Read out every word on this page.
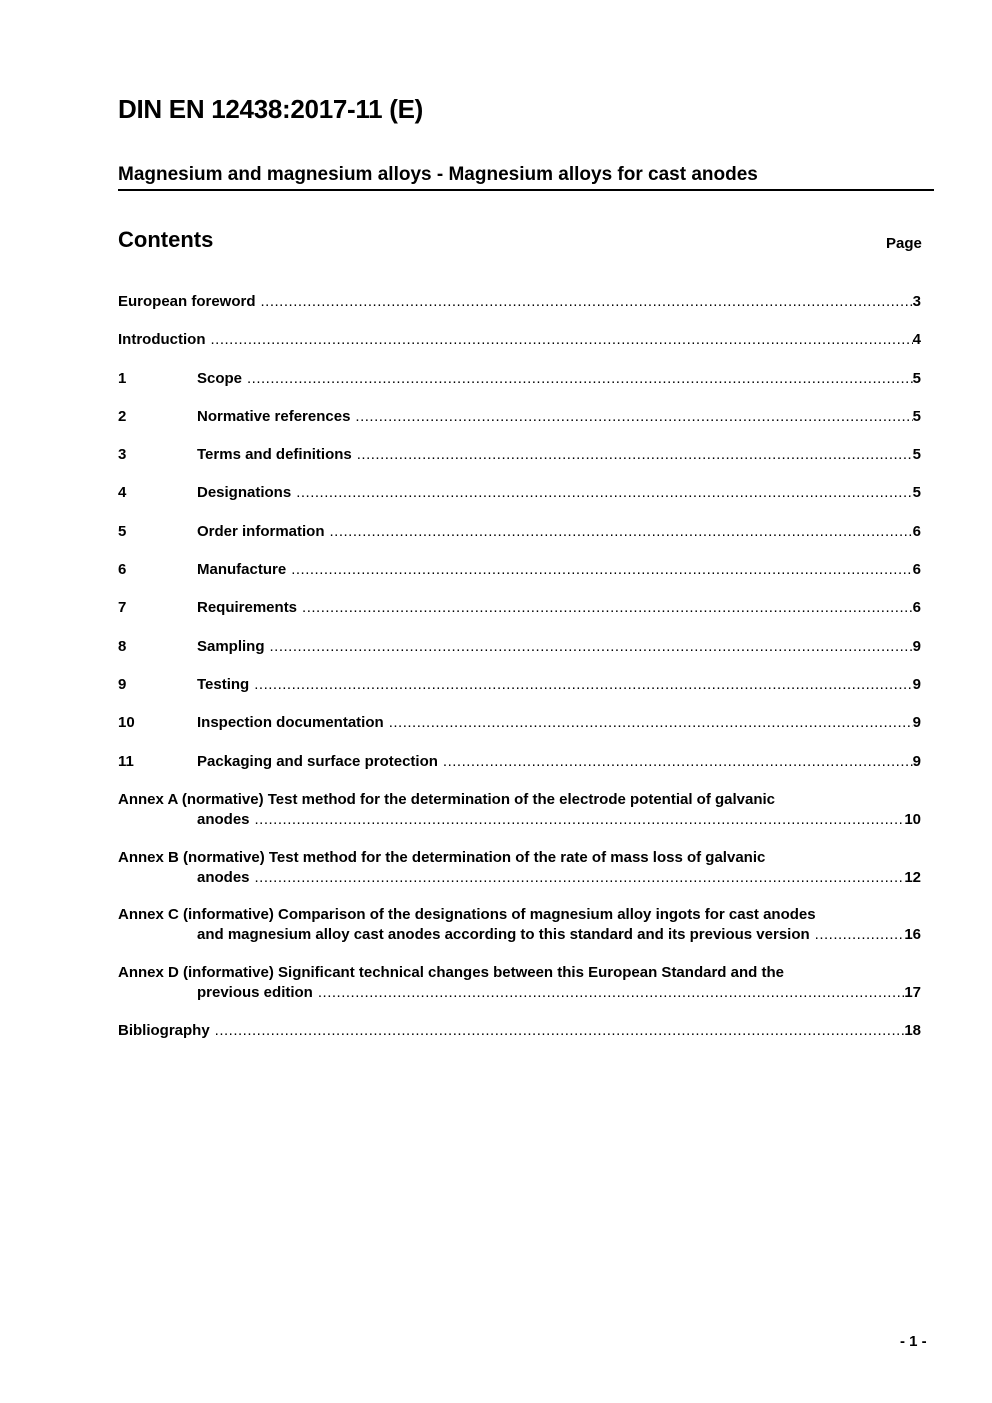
DIN EN 12438:2017-11 (E)
Magnesium and magnesium alloys - Magnesium alloys for cast anodes
Contents	Page
European foreword .....	3
Introduction .....	4
1	Scope .....	5
2	Normative references .....	5
3	Terms and definitions .....	5
4	Designations .....	5
5	Order information .....	6
6	Manufacture .....	6
7	Requirements .....	6
8	Sampling .....	9
9	Testing .....	9
10	Inspection documentation .....	9
11	Packaging and surface protection .....	9
Annex A (normative) Test method for the determination of the electrode potential of galvanic
anodes .....	10
Annex B (normative) Test method for the determination of the rate of mass loss of galvanic
anodes .....	12
Annex C (informative) Comparison of the designations of magnesium alloy ingots for cast anodes
and magnesium alloy cast anodes according to this standard and its previous version .....	16
Annex D (informative) Significant technical changes between this European Standard and the
previous edition .....	17
Bibliography .....	18
- 1 -
